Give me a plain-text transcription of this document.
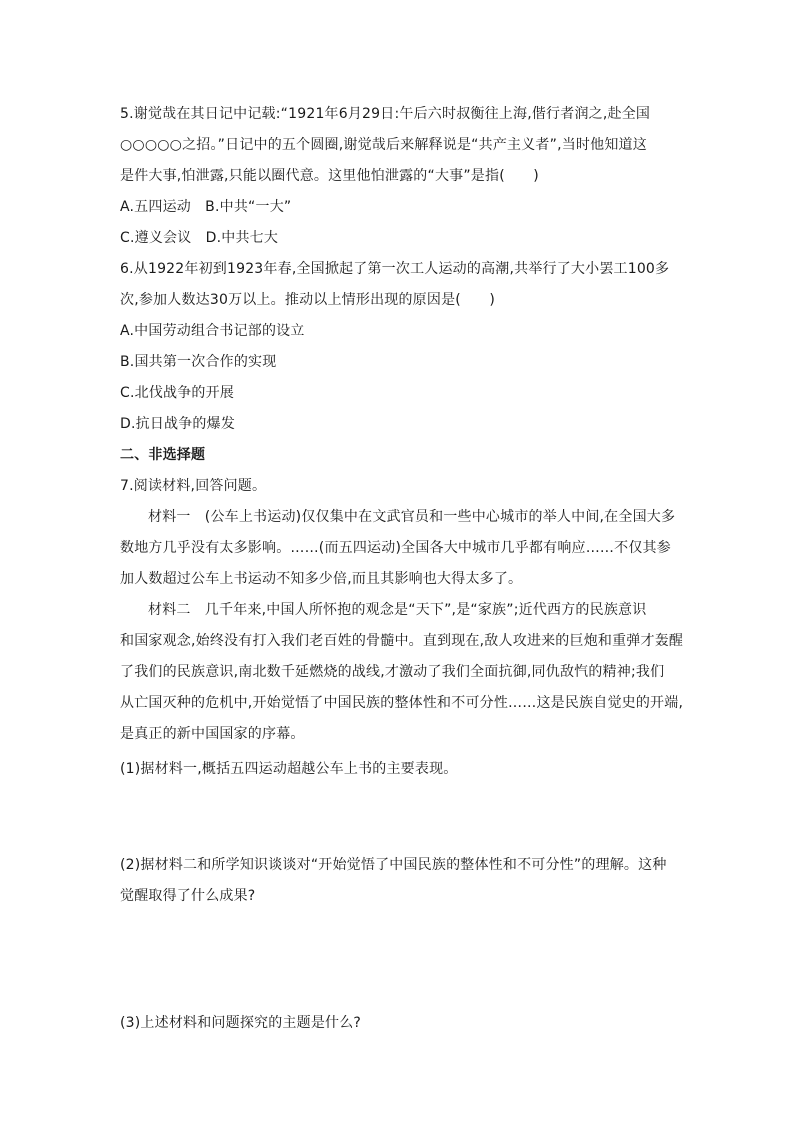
5.谢觉哉在其日记中记载:“1921年6月29日:午后六时叔衡往上海,偕行者润之,赴全国
○○○○○之招。”日记中的五个圆圈,谢觉哉后来解释说是“共产主义者”,当时他知道这
是件大事,怕泄露,只能以圈代意。这里他怕泄露的“大事”是指(　　)
A.五四运动　B.中共“一大”
C.遵义会议　D.中共七大
6.从1922年初到1923年春,全国掀起了第一次工人运动的高潮,共举行了大小罢工100多
次,参加人数达30万以上。推动以上情形出现的原因是(　　)
A.中国劳动组合书记部的设立
B.国共第一次合作的实现
C.北伐战争的开展
D.抗日战争的爆发
二、非选择题
7.阅读材料,回答问题。
材料一　(公车上书运动)仅仅集中在文武官员和一些中心城市的举人中间,在全国大多
数地方几乎没有太多影响。……(而五四运动)全国各大中城市几乎都有响应……不仅其参
加人数超过公车上书运动不知多少倍,而且其影响也大得太多了。
材料二　几千年来,中国人所怀抱的观念是“天下”,是“家族”;近代西方的民族意识
和国家观念,始终没有打入我们老百姓的骨髓中。直到现在,敌人攻进来的巨炮和重弹才轰醒
了我们的民族意识,南北数千延燃烧的战线,才激动了我们全面抗御,同仇敌忾的精神;我们
从亡国灭种的危机中,开始觉悟了中国民族的整体性和不可分性……这是民族自觉史的开端,
是真正的新中国国家的序幕。
(1)据材料一,概括五四运动超越公车上书的主要表现。
(2)据材料二和所学知识谈谈对“开始觉悟了中国民族的整体性和不可分性”的理解。这种
觉醒取得了什么成果?
(3)上述材料和问题探究的主题是什么?
